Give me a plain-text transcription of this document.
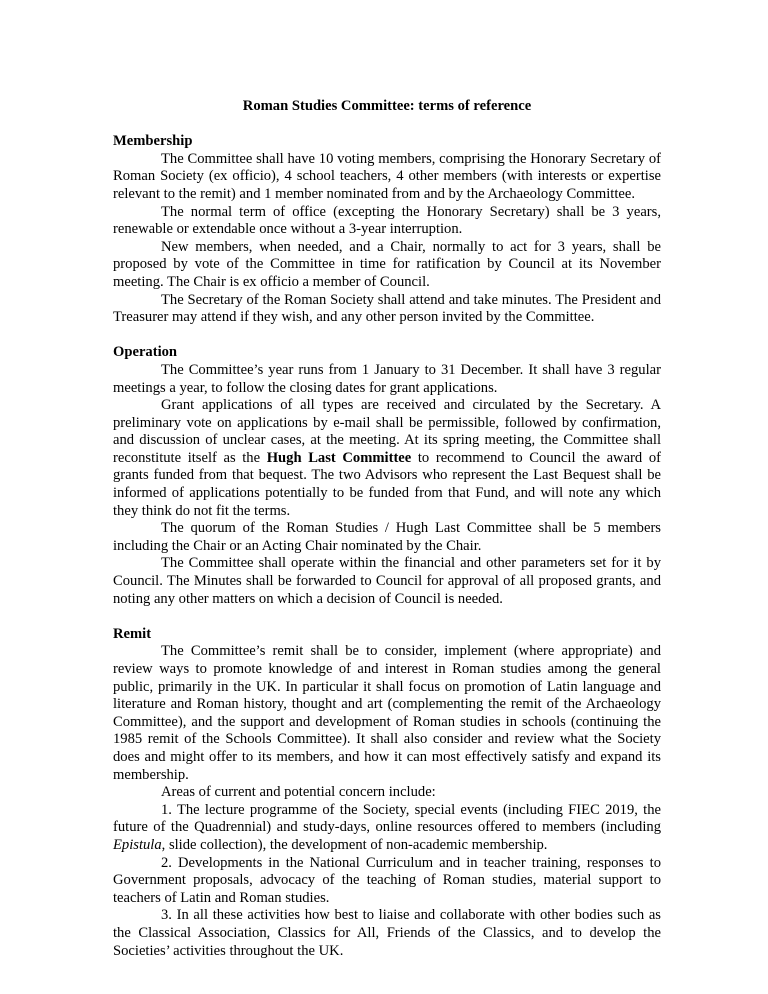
Roman Studies Committee: terms of reference

Membership

The Committee shall have 10 voting members, comprising the Honorary Secretary of Roman Society (ex officio), 4 school teachers, 4 other members (with interests or expertise relevant to the remit) and 1 member nominated from and by the Archaeology Committee.

The normal term of office (excepting the Honorary Secretary) shall be 3 years, renewable or extendable once without a 3-year interruption.

New members, when needed, and a Chair, normally to act for 3 years, shall be proposed by vote of the Committee in time for ratification by Council at its November meeting. The Chair is ex officio a member of Council.

The Secretary of the Roman Society shall attend and take minutes. The President and Treasurer may attend if they wish, and any other person invited by the Committee.

Operation

The Committee’s year runs from 1 January to 31 December. It shall have 3 regular meetings a year, to follow the closing dates for grant applications.

Grant applications of all types are received and circulated by the Secretary. A preliminary vote on applications by e-mail shall be permissible, followed by confirmation, and discussion of unclear cases, at the meeting. At its spring meeting, the Committee shall reconstitute itself as the Hugh Last Committee to recommend to Council the award of grants funded from that bequest. The two Advisors who represent the Last Bequest shall be informed of applications potentially to be funded from that Fund, and will note any which they think do not fit the terms.

The quorum of the Roman Studies / Hugh Last Committee shall be 5 members including the Chair or an Acting Chair nominated by the Chair.

The Committee shall operate within the financial and other parameters set for it by Council. The Minutes shall be forwarded to Council for approval of all proposed grants, and noting any other matters on which a decision of Council is needed.

Remit

The Committee’s remit shall be to consider, implement (where appropriate) and review ways to promote knowledge of and interest in Roman studies among the general public, primarily in the UK. In particular it shall focus on promotion of Latin language and literature and Roman history, thought and art (complementing the remit of the Archaeology Committee), and the support and development of Roman studies in schools (continuing the 1985 remit of the Schools Committee). It shall also consider and review what the Society does and might offer to its members, and how it can most effectively satisfy and expand its membership.

Areas of current and potential concern include:

1. The lecture programme of the Society, special events (including FIEC 2019, the future of the Quadrennial) and study-days, online resources offered to members (including Epistula, slide collection), the development of non-academic membership.

2. Developments in the National Curriculum and in teacher training, responses to Government proposals, advocacy of the teaching of Roman studies, material support to teachers of Latin and Roman studies.

3. In all these activities how best to liaise and collaborate with other bodies such as the Classical Association, Classics for All, Friends of the Classics, and to develop the Societies’ activities throughout the UK.
